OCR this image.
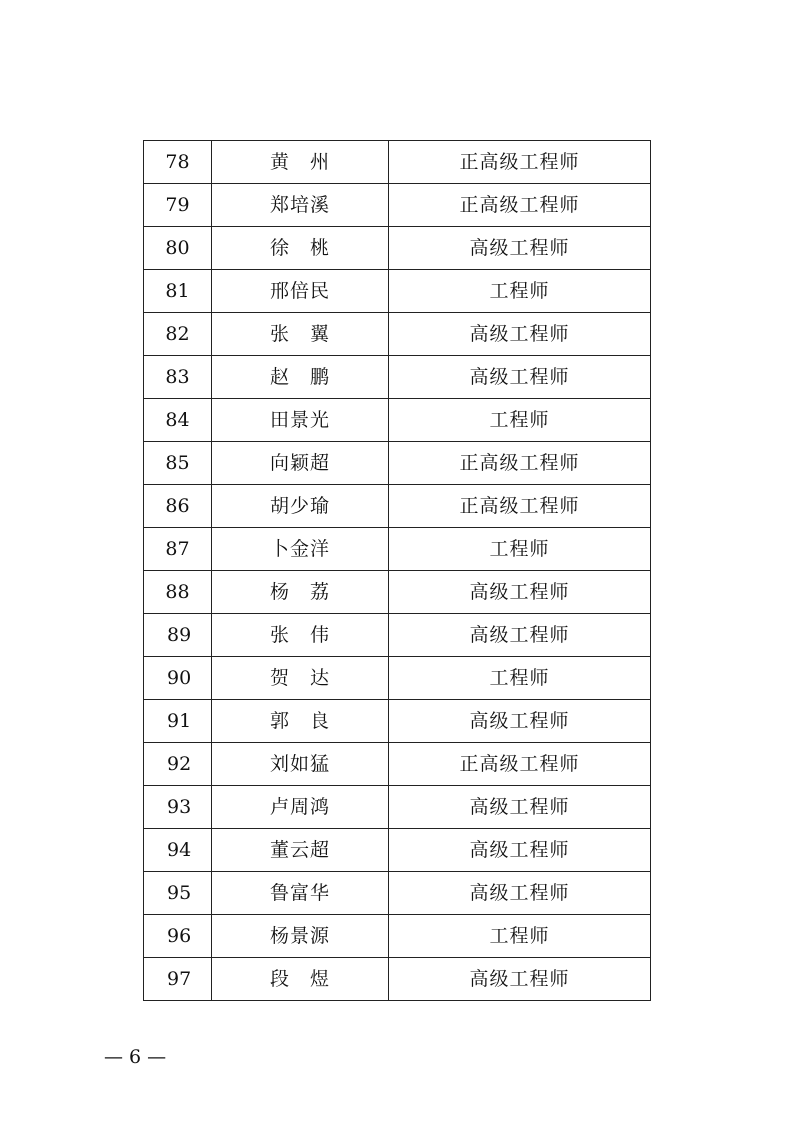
78	黄　州	正高级工程师
79	郑培溪	正高级工程师
80	徐　桃	高级工程师
81	邢倍民	工程师
82	张　翼	高级工程师
83	赵　鹏	高级工程师
84	田景光	工程师
85	向颖超	正高级工程师
86	胡少瑜	正高级工程师
87	卜金洋	工程师
88	杨　荔	高级工程师
89	张　伟	高级工程师
90	贺　达	工程师
91	郭　良	高级工程师
92	刘如猛	正高级工程师
93	卢周鸿	高级工程师
94	董云超	高级工程师
95	鲁富华	高级工程师
96	杨景源	工程师
97	段　煜	高级工程师
— 6 —
